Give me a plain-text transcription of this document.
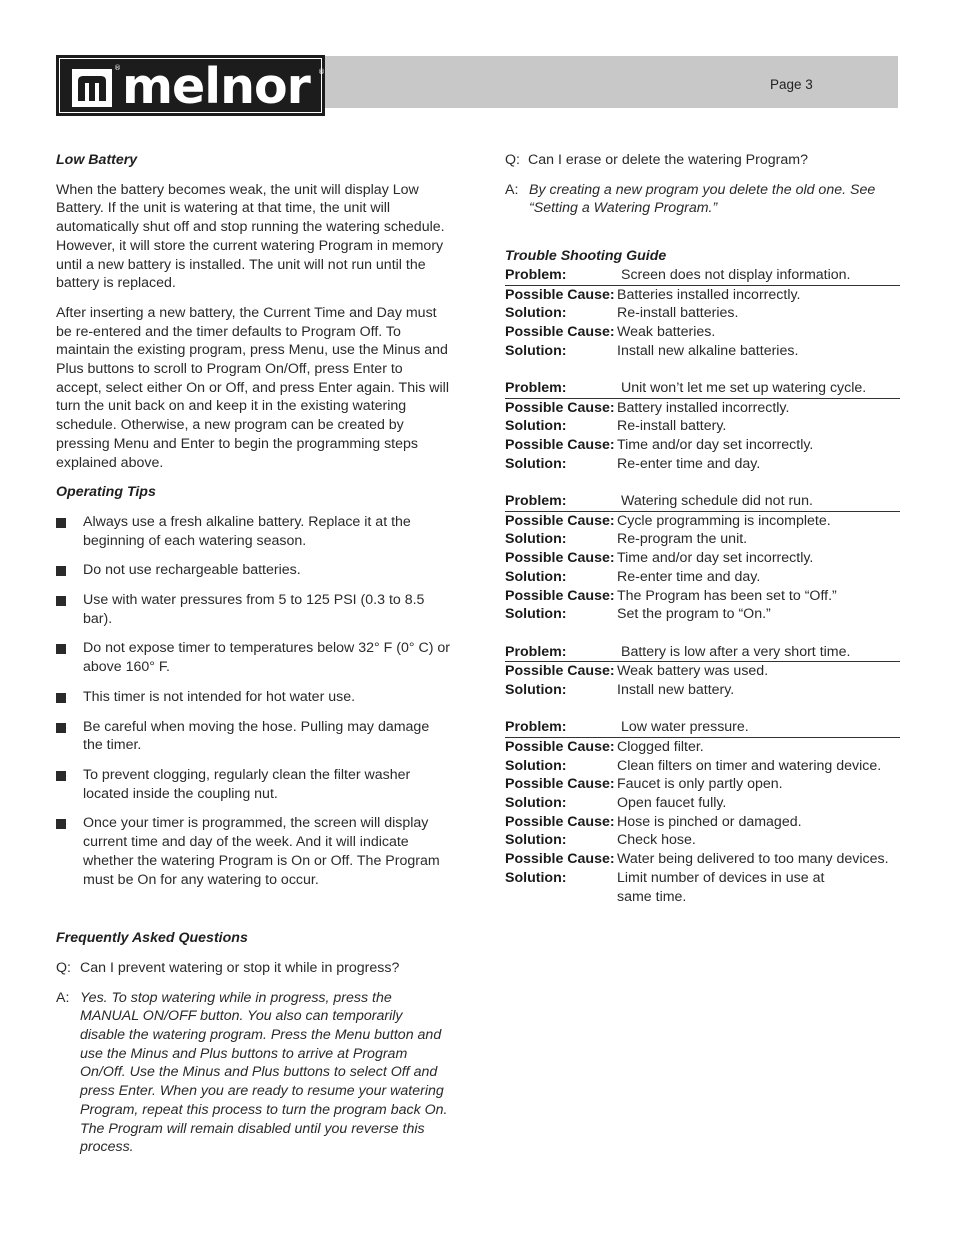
® melnor ®
Page 3

Low Battery

When the battery becomes weak, the unit will display Low Battery. If the unit is watering at that time, the unit will automatically shut off and stop running the watering schedule. However, it will store the current watering Program in memory until a new battery is installed. The unit will not run until the battery is replaced.

After inserting a new battery, the Current Time and Day must be re-entered and the timer defaults to Program Off. To maintain the existing program, press Menu, use the Minus and Plus buttons to scroll to Program On/Off, press Enter to accept, select either On or Off, and press Enter again. This will turn the unit back on and keep it in the existing watering schedule. Otherwise, a new program can be created by pressing Menu and Enter to begin the programming steps explained above.

Operating Tips

Always use a fresh alkaline battery. Replace it at the beginning of each watering season.
Do not use rechargeable batteries.
Use with water pressures from 5 to 125 PSI (0.3 to 8.5 bar).
Do not expose timer to temperatures below 32° F (0° C) or above 160° F.
This timer is not intended for hot water use.
Be careful when moving the hose. Pulling may damage the timer.
To prevent clogging, regularly clean the filter washer located inside the coupling nut.
Once your timer is programmed, the screen will display current time and day of the week. And it will indicate whether the watering Program is On or Off. The Program must be On for any watering to occur.

Frequently Asked Questions

Q: Can I prevent watering or stop it while in progress?
A: Yes. To stop watering while in progress, press the MANUAL ON/OFF button. You also can temporarily disable the watering program. Press the Menu button and use the Minus and Plus buttons to arrive at Program On/Off. Use the Minus and Plus buttons to select Off and press Enter. When you are ready to resume your watering Program, repeat this process to turn the program back On. The Program will remain disabled until you reverse this process.
Q: Can I erase or delete the watering Program?
A: By creating a new program you delete the old one. See “Setting a Watering Program.”

Trouble Shooting Guide

Problem:	Screen does not display information.
Possible Cause: Batteries installed incorrectly.
Solution:	Re-install batteries.
Possible Cause: Weak batteries.
Solution:	Install new alkaline batteries.
Problem:	Unit won’t let me set up watering cycle.
Possible Cause: Battery installed incorrectly.
Solution:	Re-install battery.
Possible Cause: Time and/or day set incorrectly.
Solution:	Re-enter time and day.
Problem:	Watering schedule did not run.
Possible Cause: Cycle programming is incomplete.
Solution:	Re-program the unit.
Possible Cause: Time and/or day set incorrectly.
Solution:	Re-enter time and day.
Possible Cause: The Program has been set to “Off.”
Solution:	Set the program to “On.”
Problem:	Battery is low after a very short time.
Possible Cause: Weak battery was used.
Solution:	Install new battery.
Problem:	Low water pressure.
Possible Cause: Clogged filter.
Solution:	Clean filters on timer and watering device.
Possible Cause: Faucet is only partly open.
Solution:	Open faucet fully.
Possible Cause: Hose is pinched or damaged.
Solution:	Check hose.
Possible Cause: Water being delivered to too many devices.
Solution:	Limit number of devices in use at
same time.
